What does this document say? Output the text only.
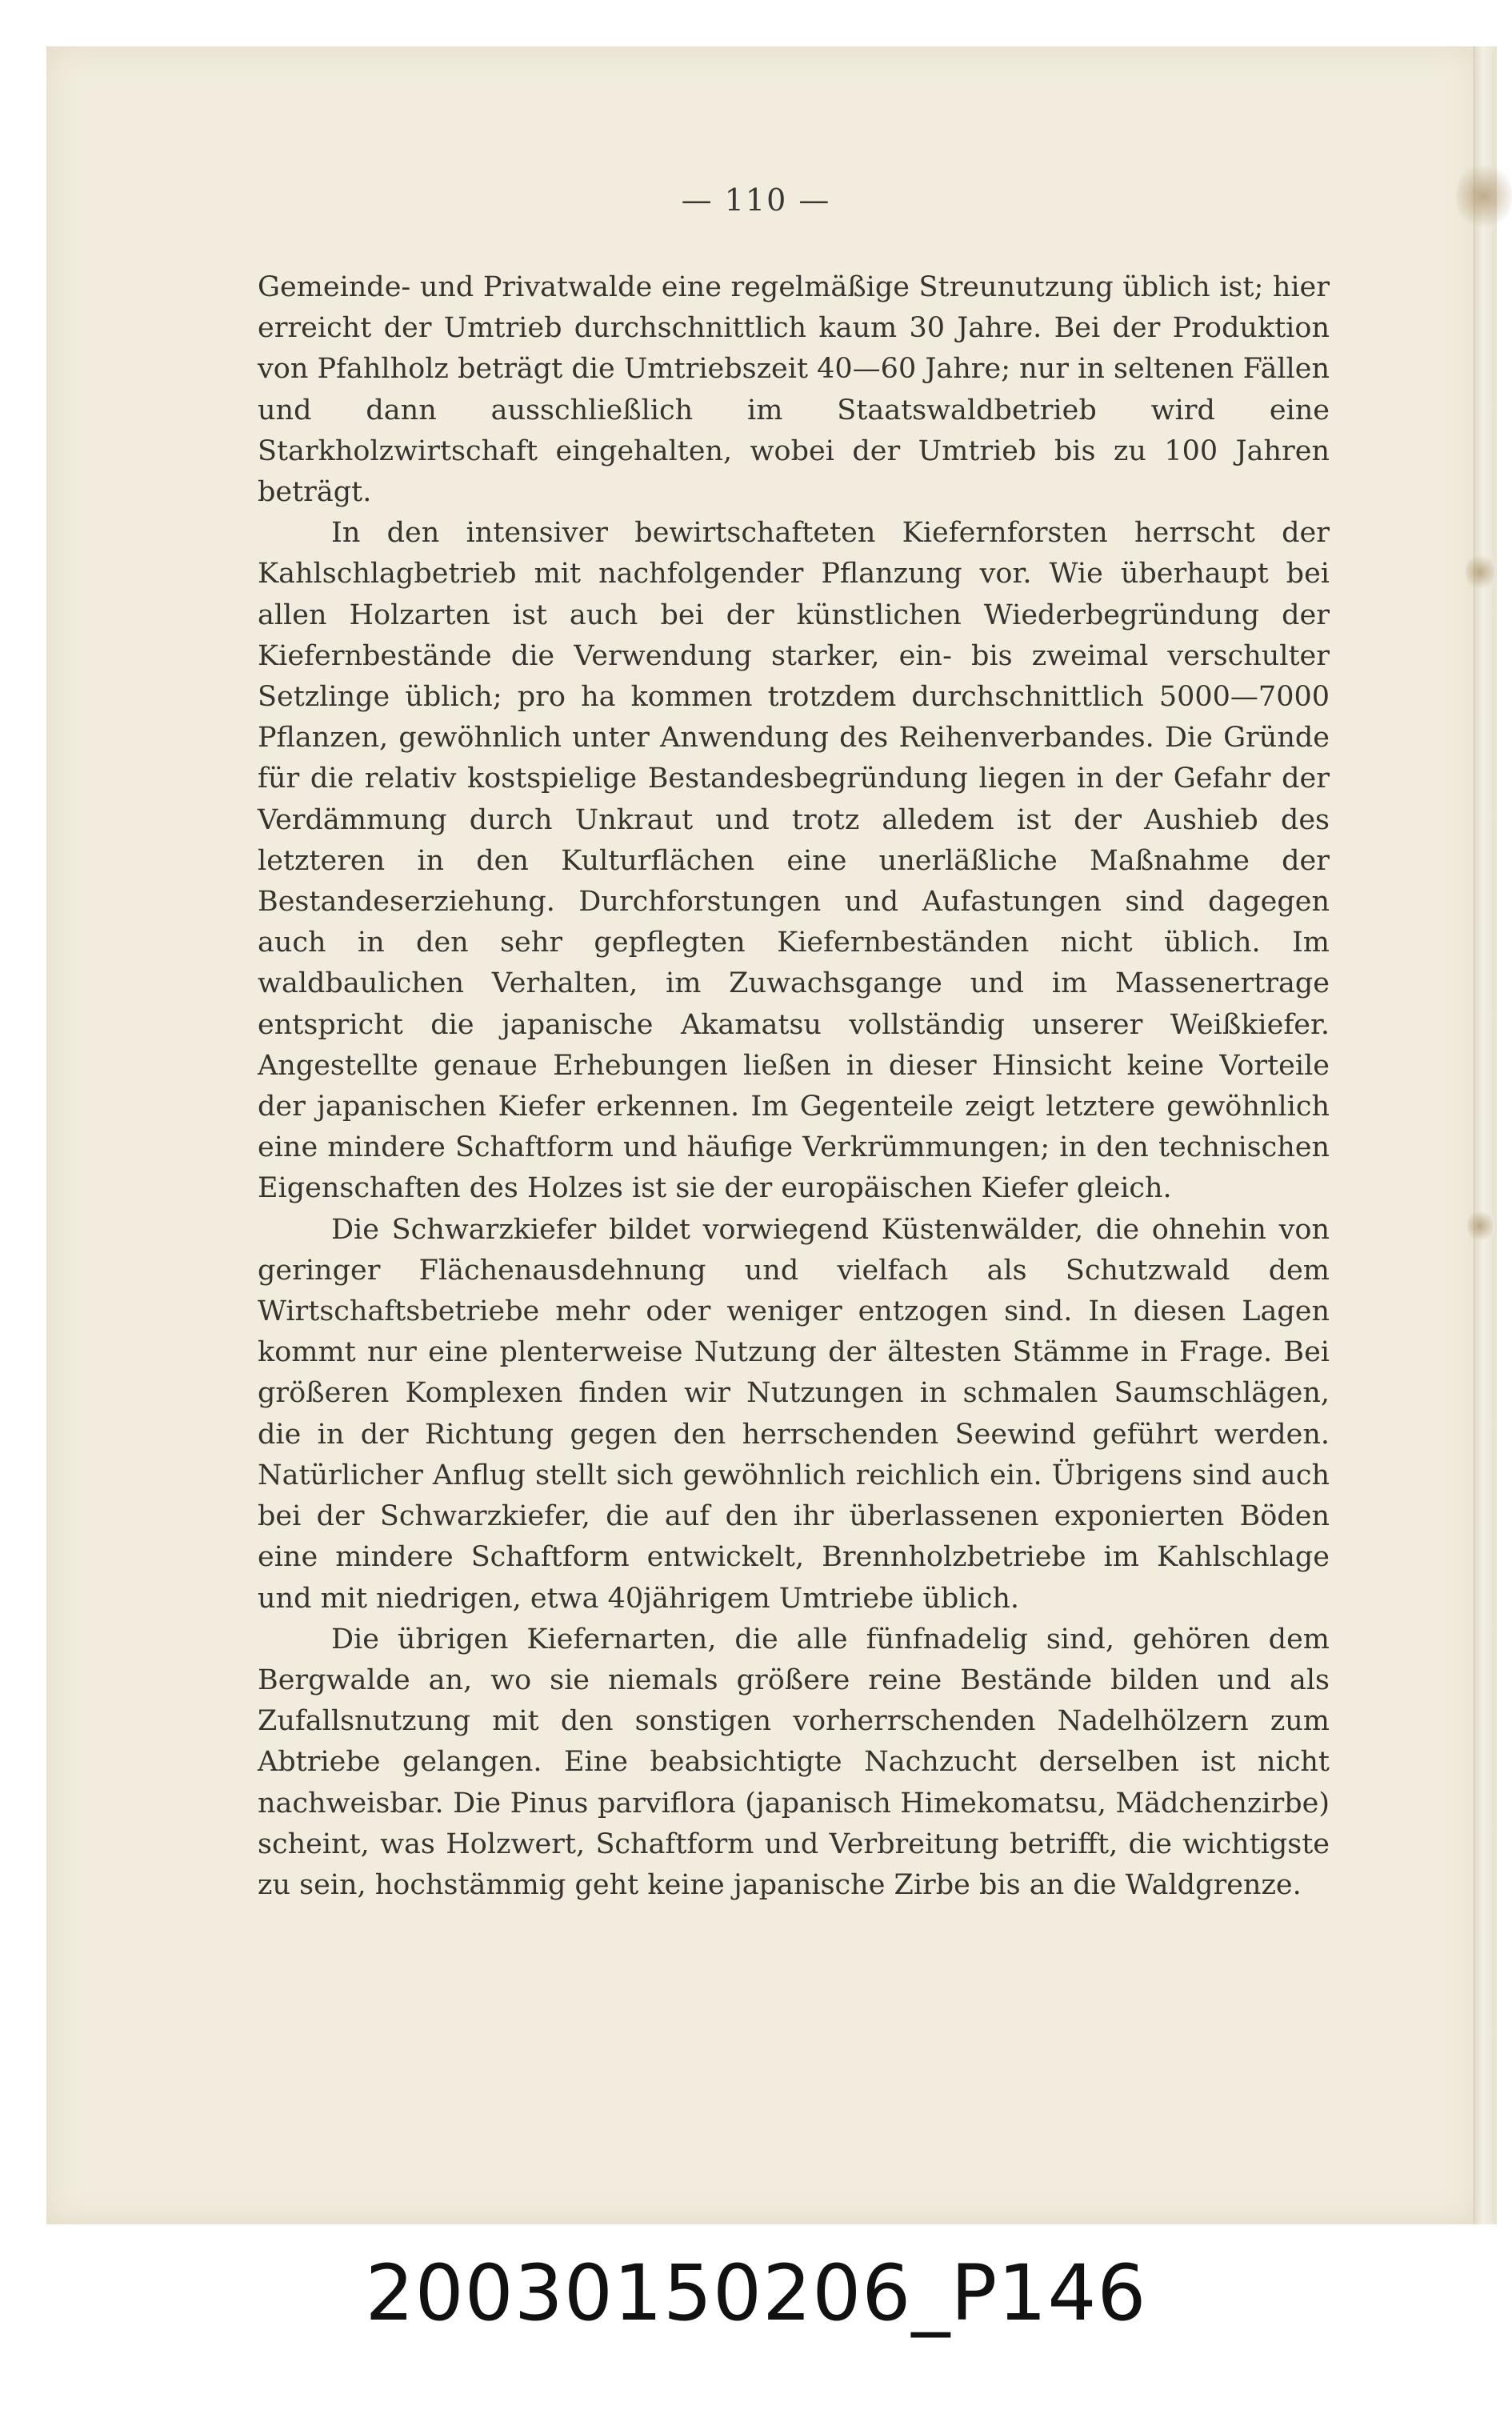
— 110 —

Gemeinde- und Privatwalde eine regelmäßige Streunutzung üblich ist; hier erreicht der Umtrieb durchschnittlich kaum 30 Jahre. Bei der Produktion von Pfahlholz beträgt die Umtriebszeit 40—60 Jahre; nur in seltenen Fällen und dann ausschließlich im Staatswaldbetrieb wird eine Starkholzwirtschaft eingehalten, wobei der Umtrieb bis zu 100 Jahren beträgt.

In den intensiver bewirtschafteten Kiefernforsten herrscht der Kahlschlagbetrieb mit nachfolgender Pflanzung vor. Wie überhaupt bei allen Holzarten ist auch bei der künstlichen Wiederbegründung der Kiefernbestände die Verwendung starker, ein- bis zweimal verschulter Setzlinge üblich; pro ha kommen trotzdem durchschnittlich 5000—7000 Pflanzen, gewöhnlich unter Anwendung des Reihenverbandes. Die Gründe für die relativ kostspielige Bestandesbegründung liegen in der Gefahr der Verdämmung durch Unkraut und trotz alledem ist der Aushieb des letzteren in den Kulturflächen eine unerläßliche Maßnahme der Bestandeserziehung. Durchforstungen und Aufastungen sind dagegen auch in den sehr gepflegten Kiefernbeständen nicht üblich. Im waldbaulichen Verhalten, im Zuwachsgange und im Massenertrage entspricht die japanische Akamatsu vollständig unserer Weißkiefer. Angestellte genaue Erhebungen ließen in dieser Hinsicht keine Vorteile der japanischen Kiefer erkennen. Im Gegenteile zeigt letztere gewöhnlich eine mindere Schaftform und häufige Verkrümmungen; in den technischen Eigenschaften des Holzes ist sie der europäischen Kiefer gleich.

Die Schwarzkiefer bildet vorwiegend Küstenwälder, die ohnehin von geringer Flächenausdehnung und vielfach als Schutzwald dem Wirtschaftsbetriebe mehr oder weniger entzogen sind. In diesen Lagen kommt nur eine plenterweise Nutzung der ältesten Stämme in Frage. Bei größeren Komplexen finden wir Nutzungen in schmalen Saumschlägen, die in der Richtung gegen den herrschenden Seewind geführt werden. Natürlicher Anflug stellt sich gewöhnlich reichlich ein. Übrigens sind auch bei der Schwarzkiefer, die auf den ihr überlassenen exponierten Böden eine mindere Schaftform entwickelt, Brennholzbetriebe im Kahlschlage und mit niedrigen, etwa 40jährigem Umtriebe üblich.

Die übrigen Kiefernarten, die alle fünfnadelig sind, gehören dem Bergwalde an, wo sie niemals größere reine Bestände bilden und als Zufallsnutzung mit den sonstigen vorherrschenden Nadelhölzern zum Abtriebe gelangen. Eine beabsichtigte Nachzucht derselben ist nicht nachweisbar. Die Pinus parviflora (japanisch Himekomatsu, Mädchenzirbe) scheint, was Holzwert, Schaftform und Verbreitung betrifft, die wichtigste zu sein, hochstämmig geht keine japanische Zirbe bis an die Waldgrenze.

20030150206_P146
